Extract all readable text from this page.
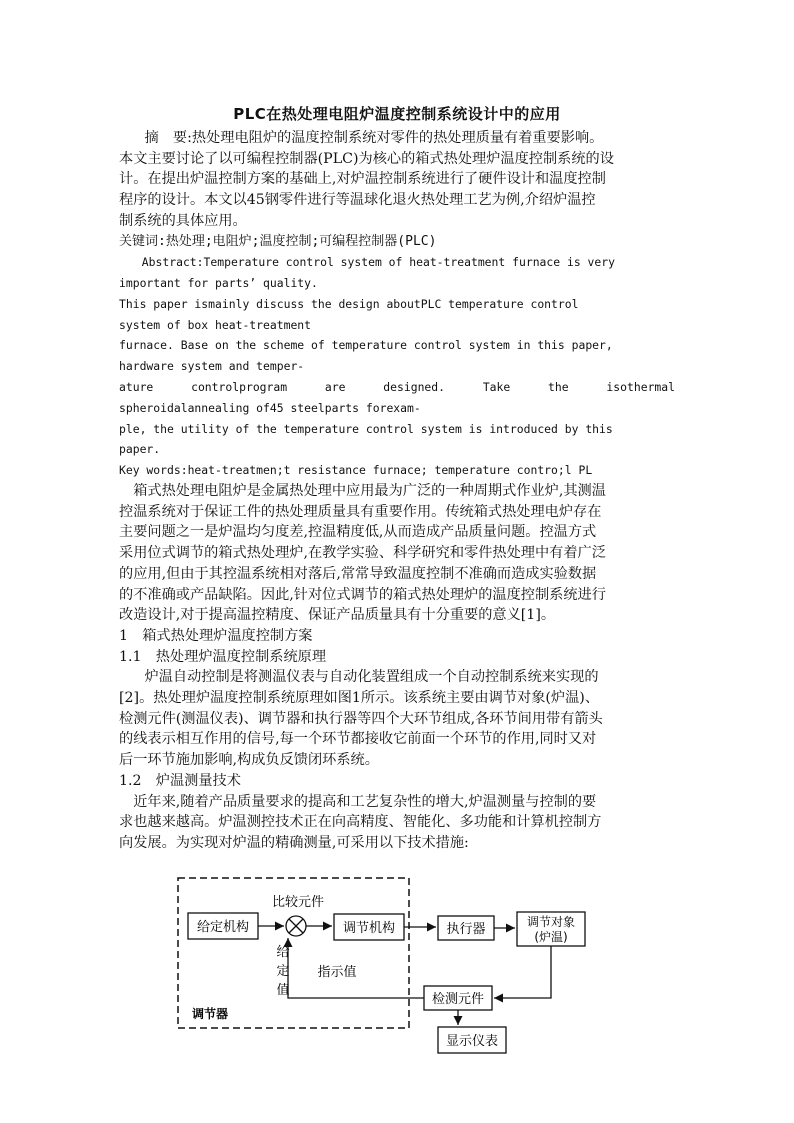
PLC在热处理电阻炉温度控制系统设计中的应用

摘　要:热处理电阻炉的温度控制系统对零件的热处理质量有着重要影响。

本文主要讨论了以可编程控制器(PLC)为核心的箱式热处理炉温度控制系统的设

计。在提出炉温控制方案的基础上,对炉温控制系统进行了硬件设计和温度控制

程序的设计。本文以45钢零件进行等温球化退火热处理工艺为例,介绍炉温控

制系统的具体应用。

关键词:热处理;电阻炉;温度控制;可编程控制器(PLC)

Abstract:Temperature control system of heat-treatment furnace is very

important for parts’ quality.

This paper ismainly discuss the design aboutPLC temperature control

system of box heat-treatment

furnace. Base on the scheme of temperature control system in this paper,

hardware system and temper-

ature	controlprogram	are	designed.	Take	the	isothermal

spheroidalannealing of45 steelparts forexam-

ple, the utility of the temperature control system is introduced by this

paper.

Key words:heat-treatmen;t resistance furnace; temperature contro;l PL

箱式热处理电阻炉是金属热处理中应用最为广泛的一种周期式作业炉,其测温

控温系统对于保证工件的热处理质量具有重要作用。传统箱式热处理电炉存在

主要问题之一是炉温均匀度差,控温精度低,从而造成产品质量问题。控温方式

采用位式调节的箱式热处理炉,在教学实验、科学研究和零件热处理中有着广泛

的应用,但由于其控温系统相对落后,常常导致温度控制不准确而造成实验数据

的不准确或产品缺陷。因此,针对位式调节的箱式热处理炉的温度控制系统进行

改造设计,对于提高温控精度、保证产品质量具有十分重要的意义[1]。

1　箱式热处理炉温度控制方案

1.1　热处理炉温度控制系统原理

炉温自动控制是将测温仪表与自动化装置组成一个自动控制系统来实现的

[2]。热处理炉温度控制系统原理如图1所示。该系统主要由调节对象(炉温)、

检测元件(测温仪表)、调节器和执行器等四个大环节组成,各环节间用带有箭头

的线表示相互作用的信号,每一个环节都接收它前面一个环节的作用,同时又对

后一环节施加影响,构成负反馈闭环系统。

1.2　炉温测量技术

近年来,随着产品质量要求的提高和工艺复杂性的增大,炉温测量与控制的要

求也越来越高。炉温测控技术正在向高精度、智能化、多功能和计算机控制方

向发展。为实现对炉温的精确测量,可采用以下技术措施:

给定机构
比较元件
调节机构	执行器	调节对象
(炉温)
检测元件
显示仪表
给
定
值
指示值
调节器
